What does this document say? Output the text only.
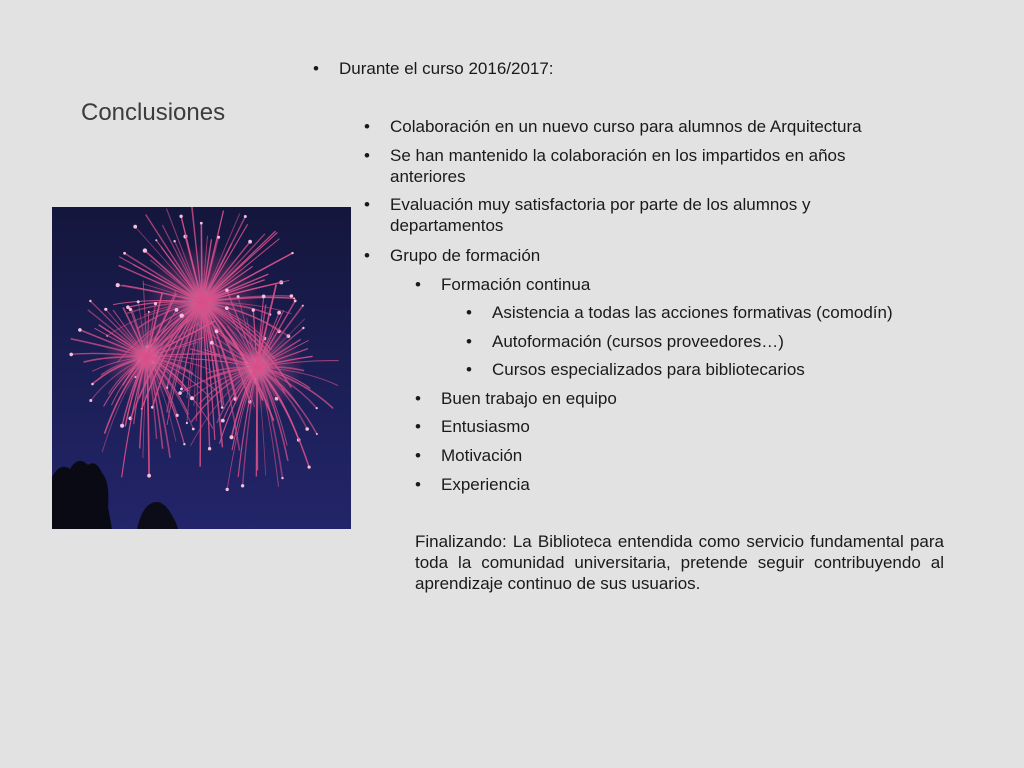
Conclusiones
• Durante el curso 2016/2017:
• Colaboración en un nuevo curso para alumnos de Arquitectura
• Se han mantenido la colaboración en los impartidos en años anteriores
• Evaluación muy satisfactoria por parte de los alumnos y departamentos
• Grupo de formación
• Formación continua
• Asistencia a todas las acciones formativas (comodín)
• Autoformación (cursos proveedores…)
• Cursos especializados para bibliotecarios
• Buen trabajo en equipo
• Entusiasmo
• Motivación
• Experiencia

Finalizando: La Biblioteca entendida como servicio fundamental para toda la comunidad universitaria, pretende seguir contribuyendo al aprendizaje continuo de sus usuarios.
